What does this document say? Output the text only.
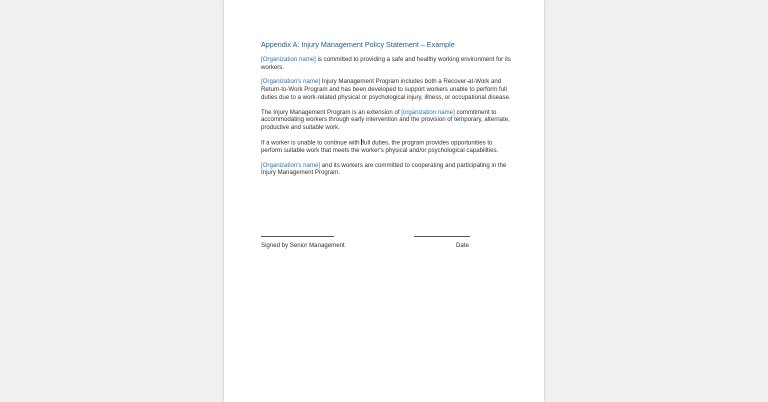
Appendix A: Injury Management Policy Statement – Example

[Organization name] is committed to providing a safe and healthy working environment for its workers.

[Organization's name] Injury Management Program includes both a Recover-at-Work and Return-to-Work Program and has been developed to support workers unable to perform full duties due to a work-related physical or psychological injury, illness, or occupational disease.

The Injury Management Program is an extension of [organization name] commitment to accommodating workers through early intervention and the provision of temporary, alternate, productive and suitable work.

If a worker is unable to continue with full duties, the program provides opportunities to perform suitable work that meets the worker's physical and/or psychological capabilities.

[Organization's name] and its workers are committed to cooperating and participating in the Injury Management Program.

Signed by Senior Management	Date
